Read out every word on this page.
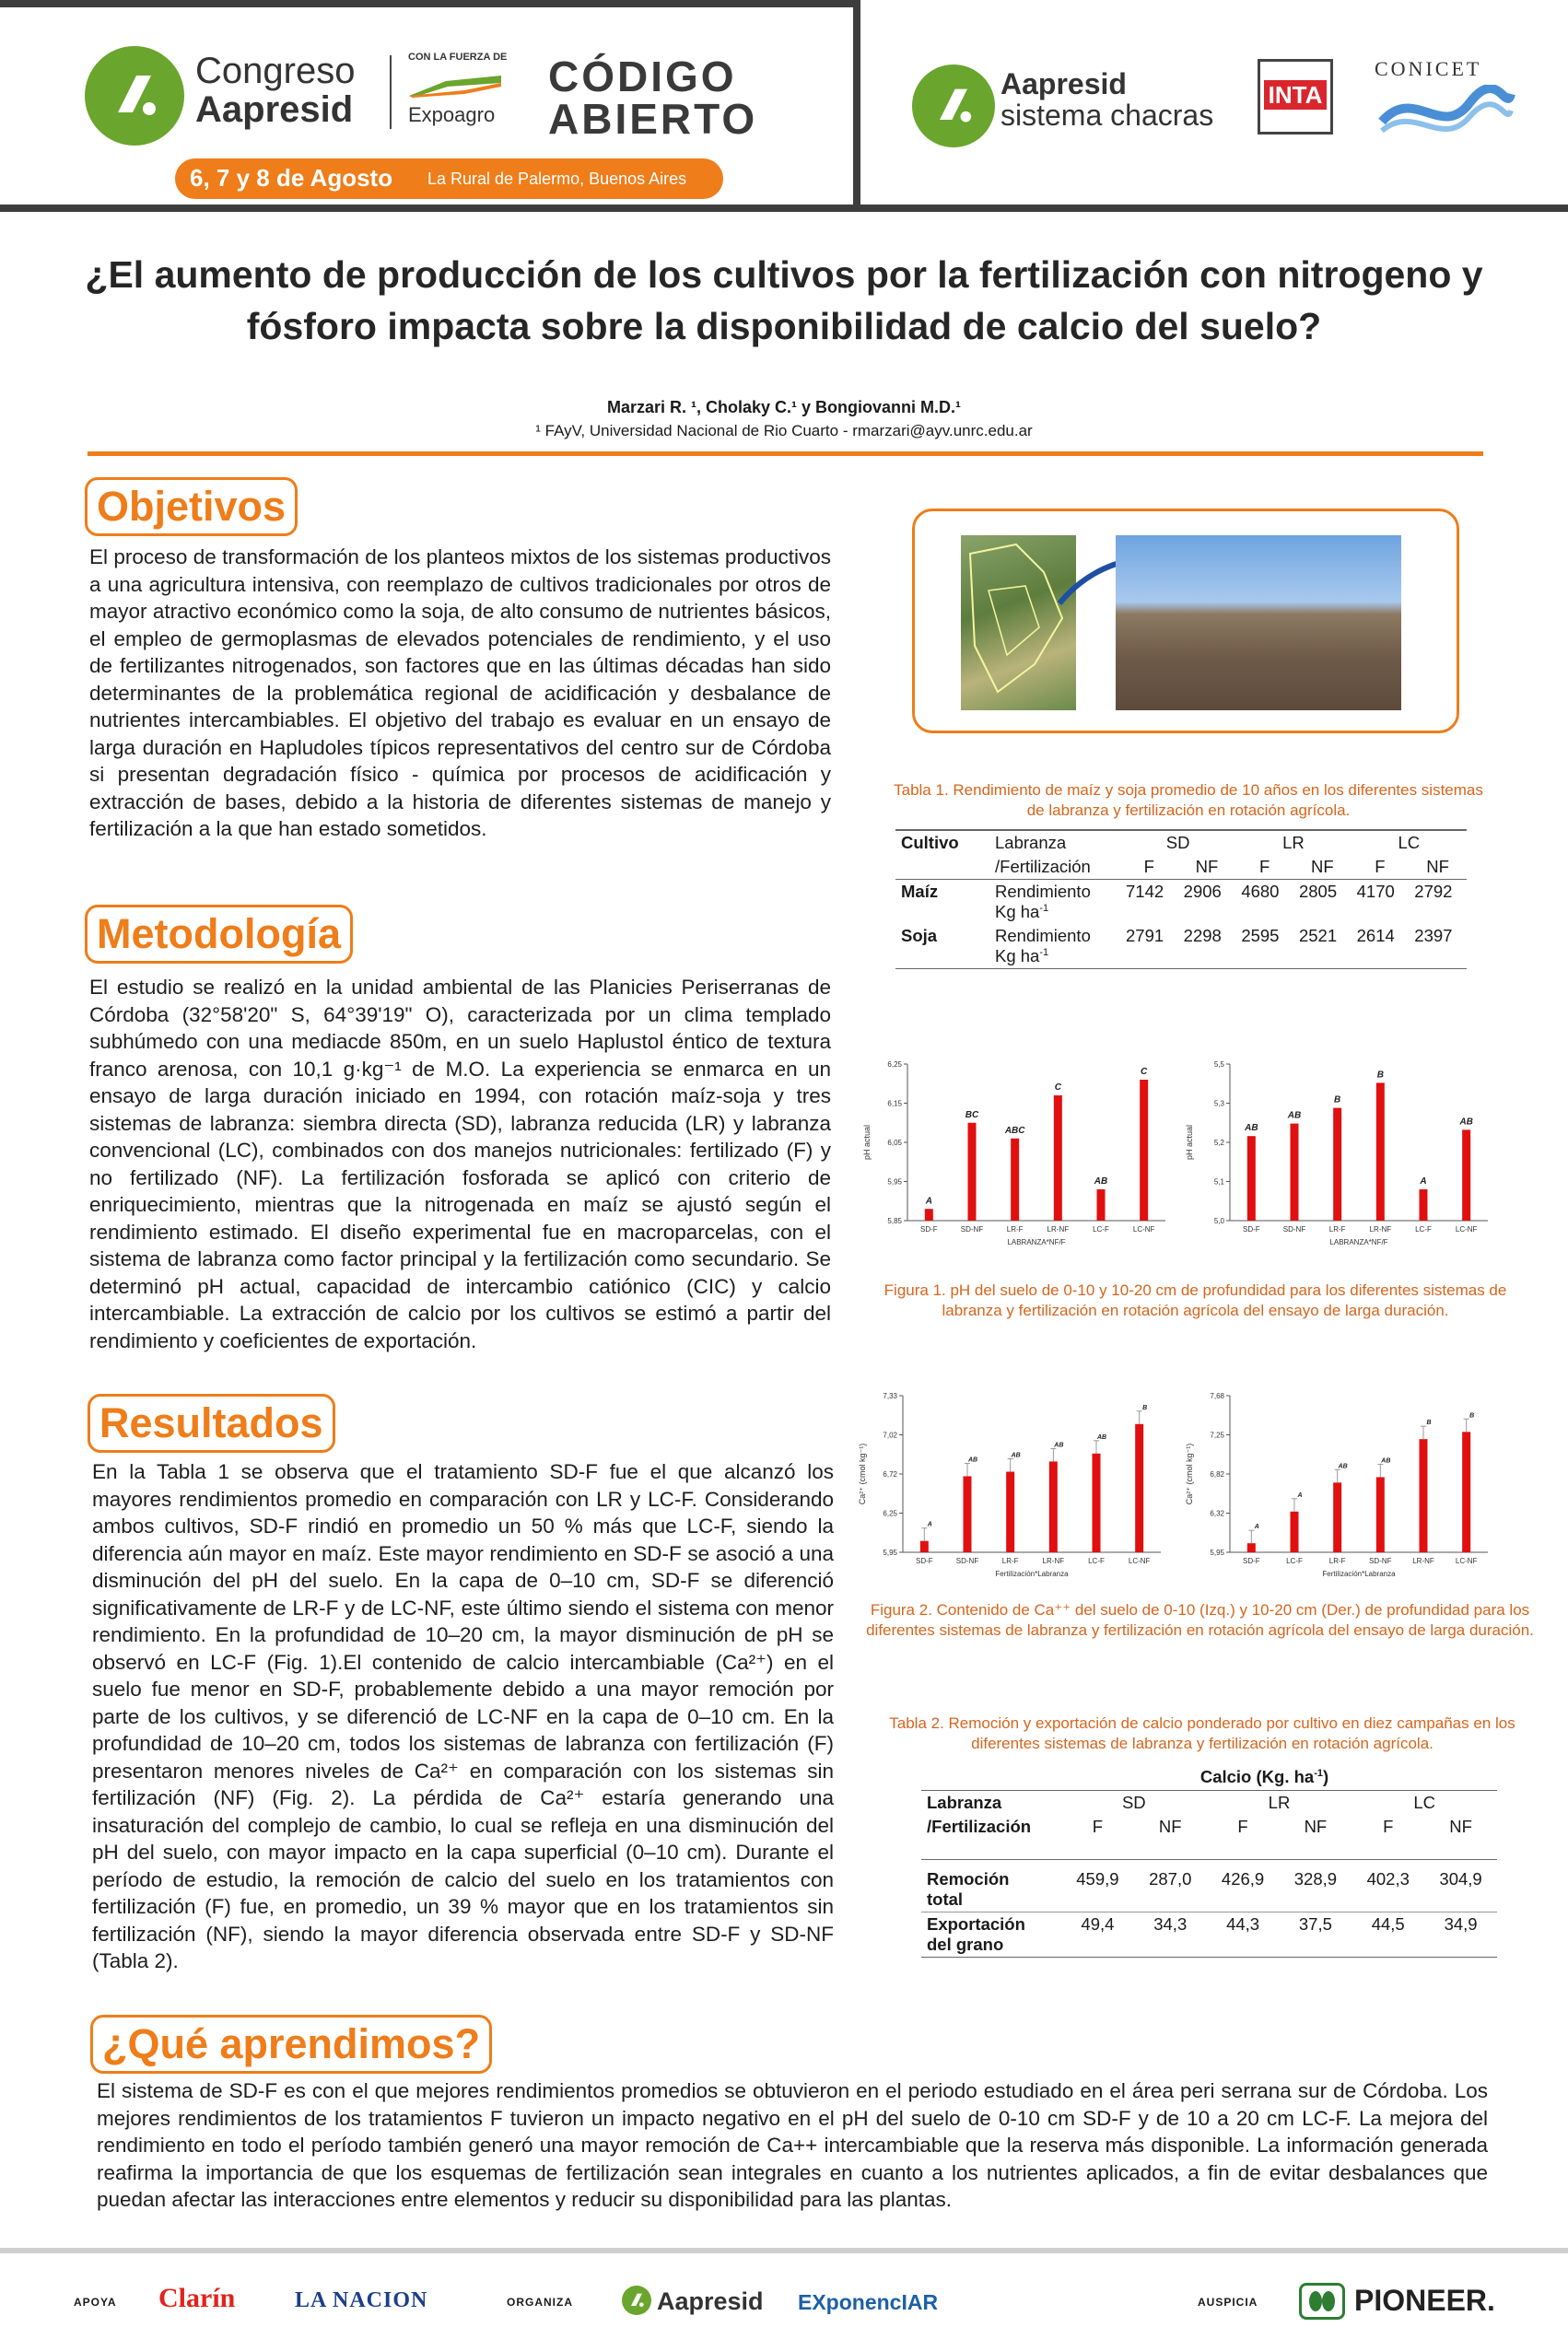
Congreso
Aapresid
CON LA FUERZA DE
Expoagro
CÓDIGO
ABIERTO
6, 7 y 8 de Agosto La Rural de Palermo, Buenos Aires
Aapresid
sistema chacras
INTA
CONICET
¿El aumento de producción de los cultivos por la fertilización con nitrogeno y fósforo impacta sobre la disponibilidad de calcio del suelo?
Marzari R. ¹, Cholaky C.¹ y Bongiovanni M.D.¹
¹ FAyV, Universidad Nacional de Rio Cuarto - rmarzari@ayv.unrc.edu.ar
Objetivos
El proceso de transformación de los planteos mixtos de los sistemas productivos a una agricultura intensiva, con reemplazo de cultivos tradicionales por otros de mayor atractivo económico como la soja, de alto consumo de nutrientes básicos, el empleo de germoplasmas de elevados potenciales de rendimiento, y el uso de fertilizantes nitrogenados, son factores que en las últimas décadas han sido determinantes de la problemática regional de acidificación y desbalance de nutrientes intercambiables. El objetivo del trabajo es evaluar en un ensayo de larga duración en Hapludoles típicos representativos del centro sur de Córdoba si presentan degradación físico - química por procesos de acidificación y extracción de bases, debido a la historia de diferentes sistemas de manejo y fertilización a la que han estado sometidos.
Metodología
El estudio se realizó en la unidad ambiental de las Planicies Periserranas de Córdoba (32°58'20" S, 64°39'19" O), caracterizada por un clima templado subhúmedo con una mediacde 850m, en un suelo Haplustol éntico de textura franco arenosa, con 10,1 g·kg⁻¹ de M.O. La experiencia se enmarca en un ensayo de larga duración iniciado en 1994, con rotación maíz-soja y tres sistemas de labranza: siembra directa (SD), labranza reducida (LR) y labranza convencional (LC), combinados con dos manejos nutricionales: fertilizado (F) y no fertilizado (NF). La fertilización fosforada se aplicó con criterio de enriquecimiento, mientras que la nitrogenada en maíz se ajustó según el rendimiento estimado. El diseño experimental fue en macroparcelas, con el sistema de labranza como factor principal y la fertilización como secundario. Se determinó pH actual, capacidad de intercambio catiónico (CIC) y calcio intercambiable. La extracción de calcio por los cultivos se estimó a partir del rendimiento y coeficientes de exportación.
Resultados
En la Tabla 1 se observa que el tratamiento SD-F fue el que alcanzó los mayores rendimientos promedio en comparación con LR y LC-F. Considerando ambos cultivos, SD-F rindió en promedio un 50 % más que LC-F, siendo la diferencia aún mayor en maíz. Este mayor rendimiento en SD-F se asoció a una disminución del pH del suelo. En la capa de 0–10 cm, SD-F se diferenció significativamente de LR-F y de LC-NF, este último siendo el sistema con menor rendimiento. En la profundidad de 10–20 cm, la mayor disminución de pH se observó en LC-F (Fig. 1).El contenido de calcio intercambiable (Ca²⁺) en el suelo fue menor en SD-F, probablemente debido a una mayor remoción por parte de los cultivos, y se diferenció de LC-NF en la capa de 0–10 cm. En la profundidad de 10–20 cm, todos los sistemas de labranza con fertilización (F) presentaron menores niveles de Ca²⁺ en comparación con los sistemas sin fertilización (NF) (Fig. 2). La pérdida de Ca²⁺ estaría generando una insaturación del complejo de cambio, lo cual se refleja en una disminución del pH del suelo, con mayor impacto en la capa superficial (0–10 cm). Durante el período de estudio, la remoción de calcio del suelo en los tratamientos con fertilización (F) fue, en promedio, un 39 % mayor que en los tratamientos sin fertilización (NF), siendo la mayor diferencia observada entre SD-F y SD-NF (Tabla 2).
¿Qué aprendimos?
El sistema de SD-F es con el que mejores rendimientos promedios se obtuvieron en el periodo estudiado en el área peri serrana sur de Córdoba. Los mejores rendimientos de los tratamientos F tuvieron un impacto negativo en el pH del suelo de 0-10 cm SD-F y de 10 a 20 cm LC-F. La mejora del rendimiento en todo el período también generó una mayor remoción de Ca++ intercambiable que la reserva más disponible. La información generada reafirma la importancia de que los esquemas de fertilización sean integrales en cuanto a los nutrientes aplicados, a fin de evitar desbalances que puedan afectar las interacciones entre elementos y reducir su disponibilidad para las plantas.
Tabla 1. Rendimiento de maíz y soja promedio de 10 años en los diferentes sistemas de labranza y fertilización en rotación agrícola.
Cultivo	Labranza	SD		LR		LC	
	/Fertilización	F	NF	F	NF	F	NF
Maíz	Rendimiento
Kg $ha^{-1}$	7142	2906	4680	2805	4170	2792
Soja	Rendimiento
Kg $ha^{-1}$	2791	2298	2595	2521	2614	2397
5,85
5,95
6,05
6,15
6,25
pH actual
A
SD-F
BC
SD-NF
ABC
LR-F
C
LR-NF
AB
LC-F
C
LC-NF
LABRANZA*NF/F
5,0
5,1
5,2
5,3
5,5
pH actual	AB
SD-F
AB
SD-NF
B
LR-F
B
LR-NF
A
LC-F
AB
LC-NF
LABRANZA*NF/F
Figura 1. pH del suelo de 0-10 y 10-20 cm de profundidad para los diferentes sistemas de labranza y fertilización en rotación agrícola del ensayo de larga duración.
5,95
6,25
6,72
7,02
7,33
Ca²⁺ (cmol kg⁻¹)
A
SD-F
AB
SD-NF
AB
LR-F
AB
LR-NF
AB
LC-F
B
LC-NF
Fertilización*Labranza
5,95
6,32
6,82
7,25
7,68
Ca²⁺ (cmol kg⁻¹)
A
SD-F
A
LC-F
AB
LR-F
AB
SD-NF
B
LR-NF
B
LC-NF
Fertilización*Labranza
Figura 2. Contenido de Ca⁺⁺ del suelo de 0-10 (Izq.) y 10-20 cm (Der.) de profundidad para los diferentes sistemas de labranza y fertilización en rotación agrícola del ensayo de larga duración.
Tabla 2. Remoción y exportación de calcio ponderado por cultivo en diez campañas en los diferentes sistemas de labranza y fertilización en rotación agrícola.
Calcio (Kg. $ha^{-1}$)
Labranza	SD		LR		LC	
/Fertilización	F	NF	F	NF	F	NF
Remoción
total	459,9	287,0	426,9	328,9	402,3	304,9
Exportación
del grano	49,4	34,3	44,3	37,5	44,5	34,9
APOYA Clarín	LA NACION	ORGANIZA	Aapresid EXponencIAR	AUSPICIA	PIONEER.
